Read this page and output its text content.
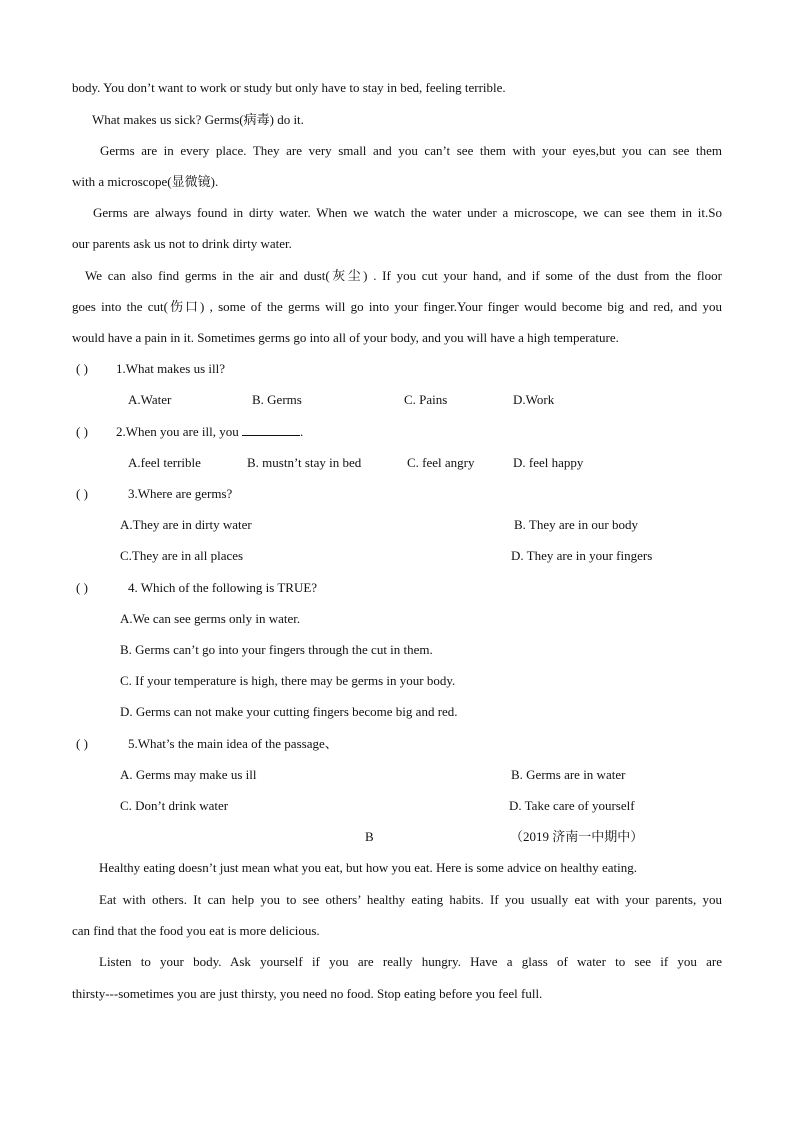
body. You don’t want to work or study but only have to stay in bed, feeling terrible.
What makes us sick? Germs(病毒) do it.
Germs are in every place. They are very small and you can’t see them with your eyes,but you can see them
with a microscope(显微镜).
Germs are always found in dirty water. When we watch the water under a microscope, we can see them in it.So
our parents ask us not to drink dirty water.
We can also find germs in the air and dust(灰尘) . If you cut your hand, and if some of the dust from the floor
goes into the cut(伤口) , some of the germs will go into your finger.Your finger would become big and red, and you
would have a pain in it. Sometimes germs go into all of your body, and you will have a high temperature.
( ) 1.What makes us ill?
A.Water	B. Germs	C. Pains	D.Work
( ) 2.When you are ill, you	.
A.feel terrible	B. mustn’t stay in bed	C. feel angry	D. feel happy
( )	3.Where are germs?
A.They are in dirty water	B. They are in our body
C.They are in all places	D. They are in your fingers
( )	4. Which of the following is TRUE?
A.We can see germs only in water.
B. Germs can’t go into your fingers through the cut in them.
C. If your temperature is high, there may be germs in your body.
D. Germs can not make your cutting fingers become big and red.
( )	5.What’s the main idea of the passage、
A. Germs may make us ill	B. Germs are in water
C. Don’t drink water	D. Take care of yourself
B	（2019 济南一中期中）
Healthy eating doesn’t just mean what you eat, but how you eat. Here is some advice on healthy eating.
Eat with others. It can help you to see others’ healthy eating habits. If you usually eat with your parents, you
can find that the food you eat is more delicious.
Listen to your body. Ask yourself if you are really hungry. Have a glass of water to see if you are
thirsty---sometimes you are just thirsty, you need no food. Stop eating before you feel full.
